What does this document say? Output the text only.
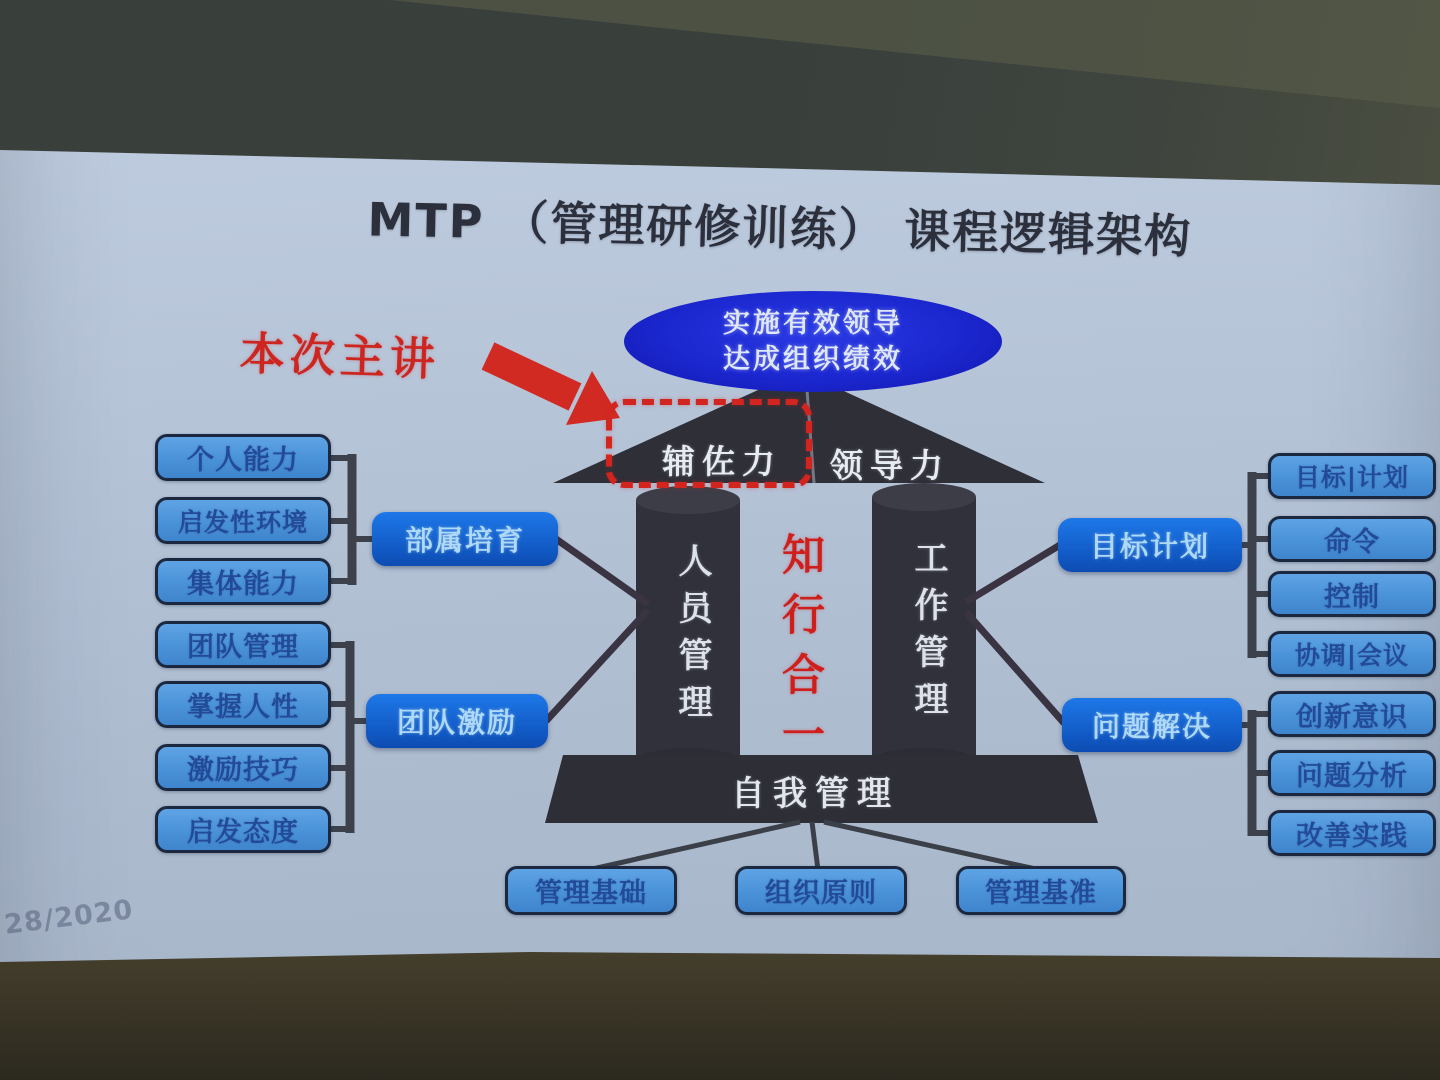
MTP （管理研修训练） 课程逻辑架构
本次主讲
实施有效领导
达成组织绩效
辅佐力 领导力
人员管理	工作管理
知行合一
自我管理
个人能力
启发性环境
集体能力
团队管理
掌握人性
激励技巧
启发态度
目标|计划
命令
控制
协调|会议
创新意识
问题分析
改善实践
部属培育
团队激励
目标计划
问题解决
管理基础	组织原则	管理基准
28/2020
